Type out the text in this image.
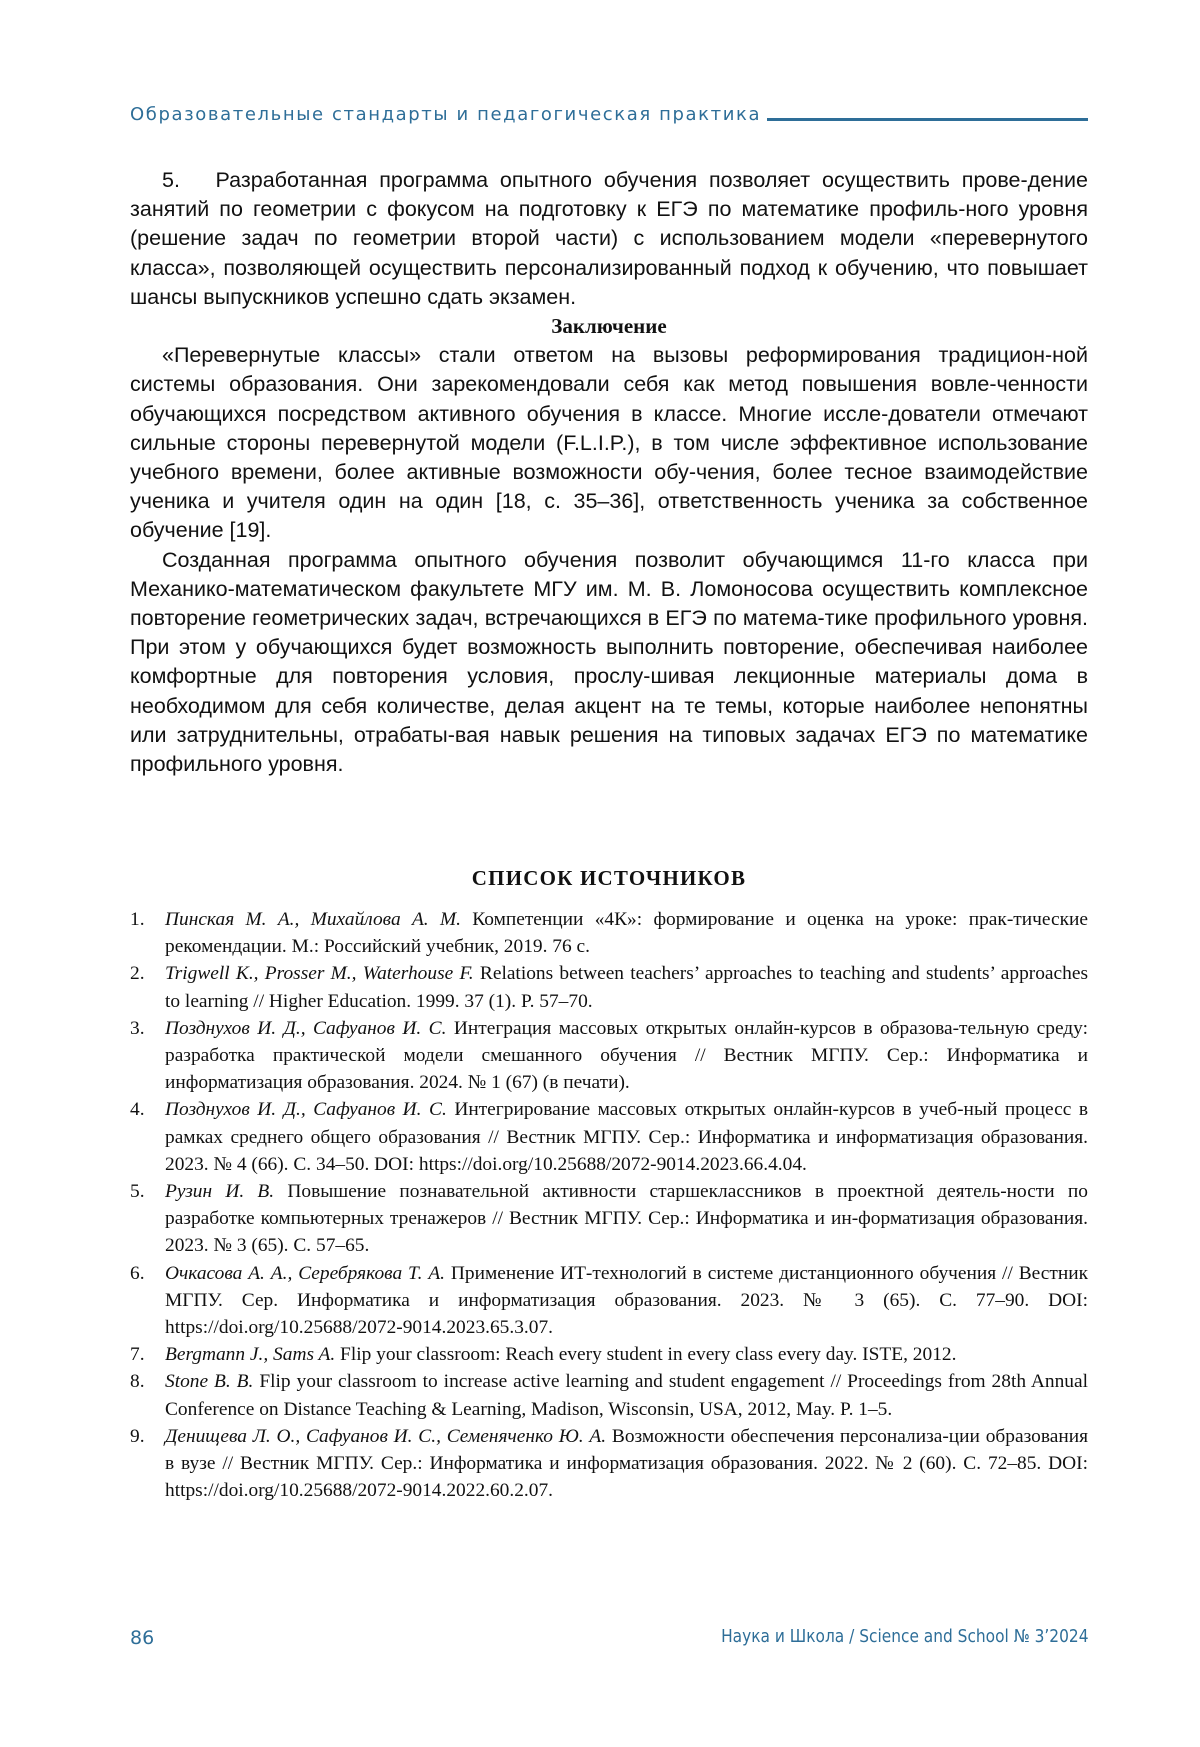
Образовательные стандарты и педагогическая практика

5.   Разработанная программа опытного обучения позволяет осуществить прове-дение занятий по геометрии с фокусом на подготовку к ЕГЭ по математике профиль-ного уровня (решение задач по геометрии второй части) с использованием модели «перевернутого класса», позволяющей осуществить персонализированный подход к обучению, что повышает шансы выпускников успешно сдать экзамен.

Заключение

«Перевернутые классы» стали ответом на вызовы реформирования традицион-ной системы образования. Они зарекомендовали себя как метод повышения вовле-ченности обучающихся посредством активного обучения в классе. Многие иссле-дователи отмечают сильные стороны перевернутой модели (F.L.I.P.), в том числе эффективное использование учебного времени, более активные возможности обу-чения, более тесное взаимодействие ученика и учителя один на один [18, с. 35–36], ответственность ученика за собственное обучение [19].

Созданная программа опытного обучения позволит обучающимся 11-го класса при Механико-математическом факультете МГУ им. М. В. Ломоносова осуществить комплексное повторение геометрических задач, встречающихся в ЕГЭ по матема-тике профильного уровня. При этом у обучающихся будет возможность выполнить повторение, обеспечивая наиболее комфортные для повторения условия, прослу-шивая лекционные материалы дома в необходимом для себя количестве, делая акцент на те темы, которые наиболее непонятны или затруднительны, отрабаты-вая навык решения на типовых задачах ЕГЭ по математике профильного уровня.

СПИСОК ИСТОЧНИКОВ
1. Пинская М. А., Михайлова А. М. Компетенции «4К»: формирование и оценка на уроке: прак-тические рекомендации. М.: Российский учебник, 2019. 76 с.
2. Trigwell K., Prosser M., Waterhouse F. Relations between teachers’ approaches to teaching and students’ approaches to learning // Higher Education. 1999. 37 (1). P. 57–70.
3. Позднухов И. Д., Сафуанов И. С. Интеграция массовых открытых онлайн-курсов в образова-тельную среду: разработка практической модели смешанного обучения // Вестник МГПУ. Сер.: Информатика и информатизация образования. 2024. № 1 (67) (в печати).
4. Позднухов И. Д., Сафуанов И. С. Интегрирование массовых открытых онлайн-курсов в учеб-ный процесс в рамках среднего общего образования // Вестник МГПУ. Сер.: Информатика и информатизация образования. 2023. № 4 (66). С. 34–50. DOI: https://doi.org/10.25688/2072-9014.2023.66.4.04.
5. Рузин И. В. Повышение познавательной активности старшеклассников в проектной деятель-ности по разработке компьютерных тренажеров // Вестник МГПУ. Сер.: Информатика и ин-форматизация образования. 2023. № 3 (65). С. 57–65.
6. Очкасова А. А., Серебрякова Т. А. Применение ИТ-технологий в системе дистанционного обучения // Вестник МГПУ. Сер. Информатика и информатизация образования. 2023. № 3 (65). С. 77–90. DOI: https://doi.org/10.25688/2072-9014.2023.65.3.07.
7. Bergmann J., Sams A. Flip your classroom: Reach every student in every class every day. ISTE, 2012.
8. Stone B. B. Flip your classroom to increase active learning and student engagement // Proceedings from 28th Annual Conference on Distance Teaching & Learning, Madison, Wisconsin, USA, 2012, May. P. 1–5.
9. Денищева Л. О., Сафуанов И. С., Семеняченко Ю. А. Возможности обеспечения персонализа-ции образования в вузе // Вестник МГПУ. Сер.: Информатика и информатизация образования. 2022. № 2 (60). С. 72–85. DOI: https://doi.org/10.25688/2072-9014.2022.60.2.07.
86	Наука и Школа / Science and School № 3’2024
